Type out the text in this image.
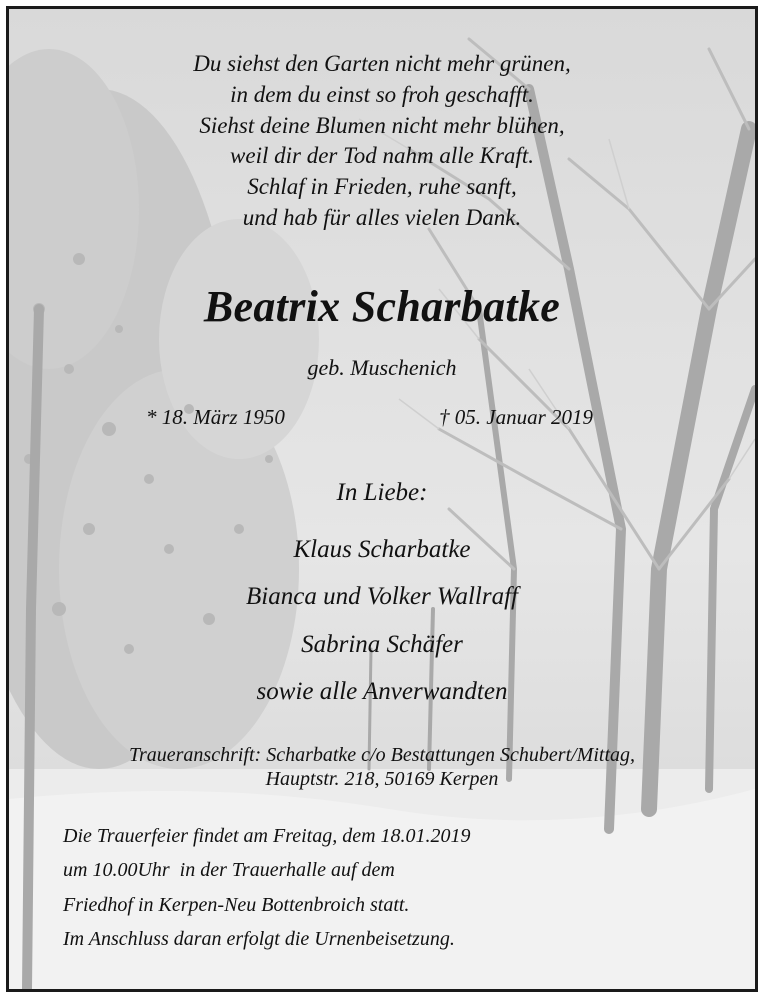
Du siehst den Garten nicht mehr grünen,
in dem du einst so froh geschafft.
Siehst deine Blumen nicht mehr blühen,
weil dir der Tod nahm alle Kraft.
Schlaf in Frieden, ruhe sanft,
und hab für alles vielen Dank.
Beatrix Scharbatke
geb. Muschenich
* 18. März 1950	† 05. Januar 2019
In Liebe:
Klaus Scharbatke
Bianca und Volker Wallraff
Sabrina Schäfer
sowie alle Anverwandten
Traueranschrift: Scharbatke c/o Bestattungen Schubert/Mittag,
Hauptstr. 218, 50169 Kerpen
Die Trauerfeier findet am Freitag, dem 18.01.2019
um 10.00Uhr  in der Trauerhalle auf dem
Friedhof in Kerpen-Neu Bottenbroich statt.
Im Anschluss daran erfolgt die Urnenbeisetzung.
